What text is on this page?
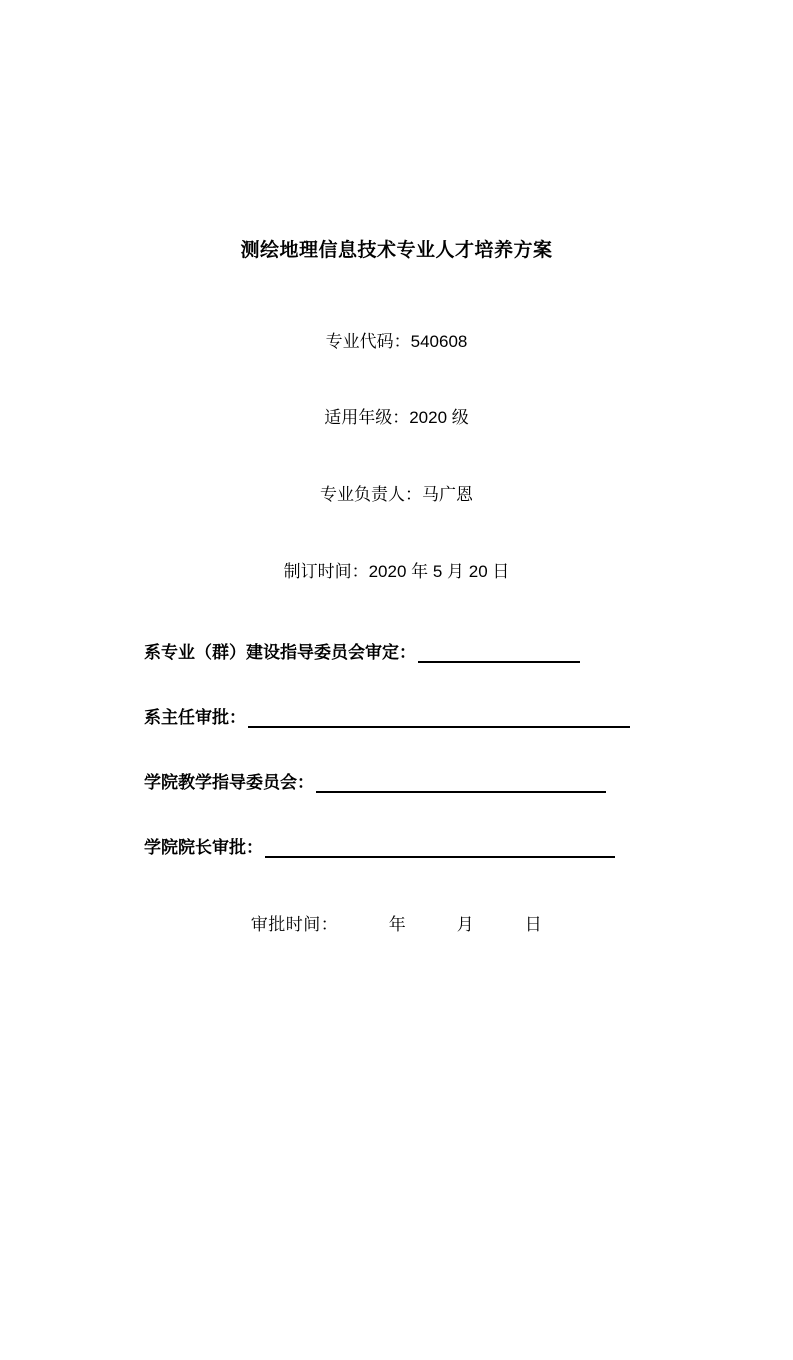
测绘地理信息技术专业人才培养方案
专业代码：540608
适用年级：2020 级
专业负责人：马广恩
制订时间：2020 年 5 月 20 日
系专业（群）建设指导委员会审定：
系主任审批：
学院教学指导委员会：
学院院长审批：
审批时间：	年	月	日
